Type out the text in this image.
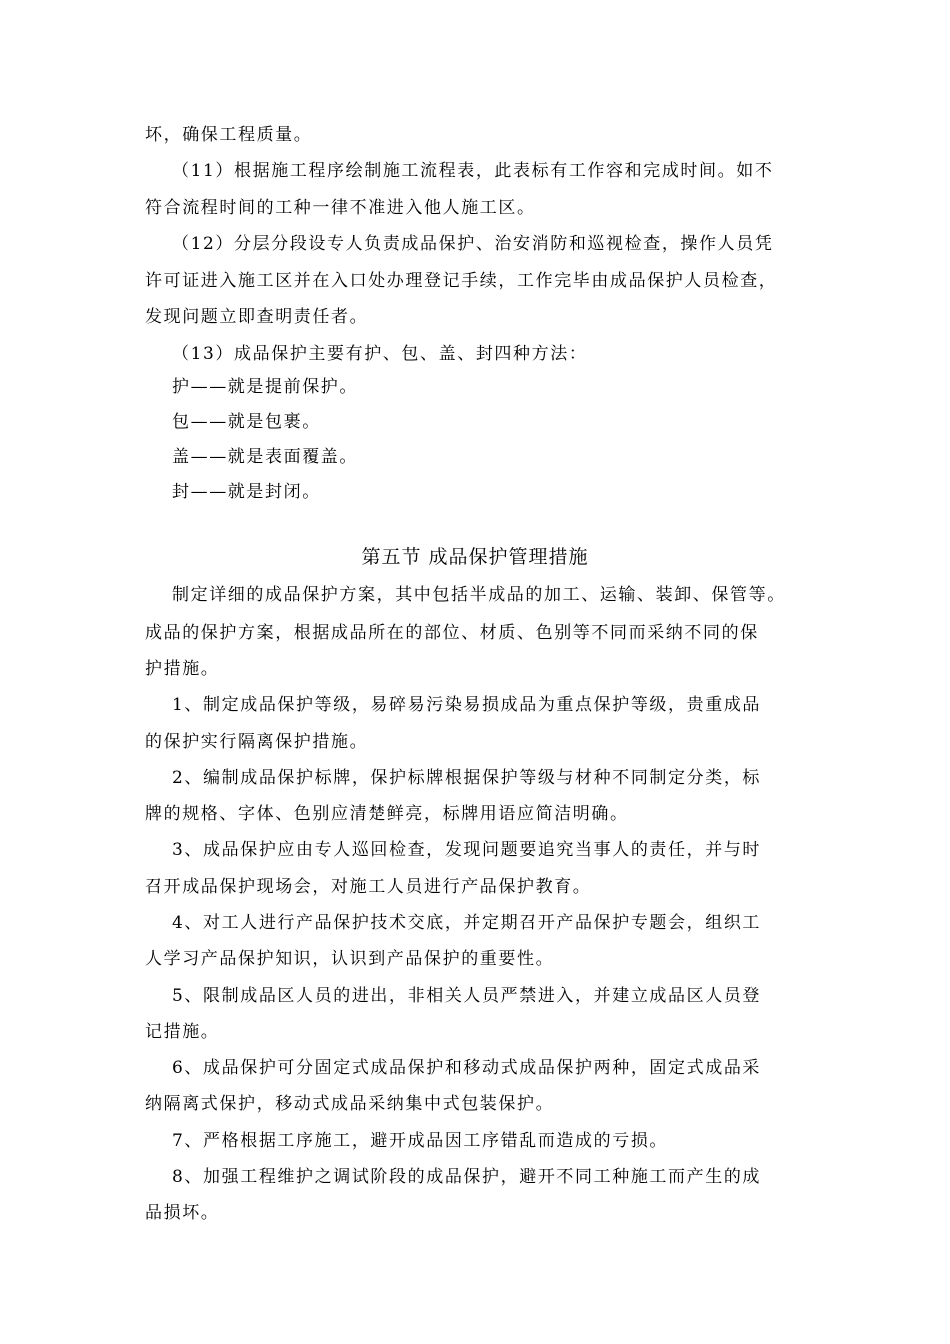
坏，确保工程质量。
（11）根据施工程序绘制施工流程表，此表标有工作容和完成时间。如不
符合流程时间的工种一律不准进入他人施工区。
（12）分层分段设专人负责成品保护、治安消防和巡视检查，操作人员凭
许可证进入施工区并在入口处办理登记手续，工作完毕由成品保护人员检查，
发现问题立即查明责任者。
（13）成品保护主要有护、包、盖、封四种方法：
护——就是提前保护。
包——就是包裹。
盖——就是表面覆盖。
封——就是封闭。
第五节 成品保护管理措施
制定详细的成品保护方案，其中包括半成品的加工、运输、装卸、保管等。
成品的保护方案，根据成品所在的部位、材质、色别等不同而采纳不同的保
护措施。
1、制定成品保护等级，易碎易污染易损成品为重点保护等级，贵重成品
的保护实行隔离保护措施。
2、编制成品保护标牌，保护标牌根据保护等级与材种不同制定分类，标
牌的规格、字体、色别应清楚鲜亮，标牌用语应简洁明确。
3、成品保护应由专人巡回检查，发现问题要追究当事人的责任，并与时
召开成品保护现场会，对施工人员进行产品保护教育。
4、对工人进行产品保护技术交底，并定期召开产品保护专题会，组织工
人学习产品保护知识，认识到产品保护的重要性。
5、限制成品区人员的进出，非相关人员严禁进入，并建立成品区人员登
记措施。
6、成品保护可分固定式成品保护和移动式成品保护两种，固定式成品采
纳隔离式保护，移动式成品采纳集中式包装保护。
7、严格根据工序施工，避开成品因工序错乱而造成的亏损。
8、加强工程维护之调试阶段的成品保护，避开不同工种施工而产生的成
品损坏。
